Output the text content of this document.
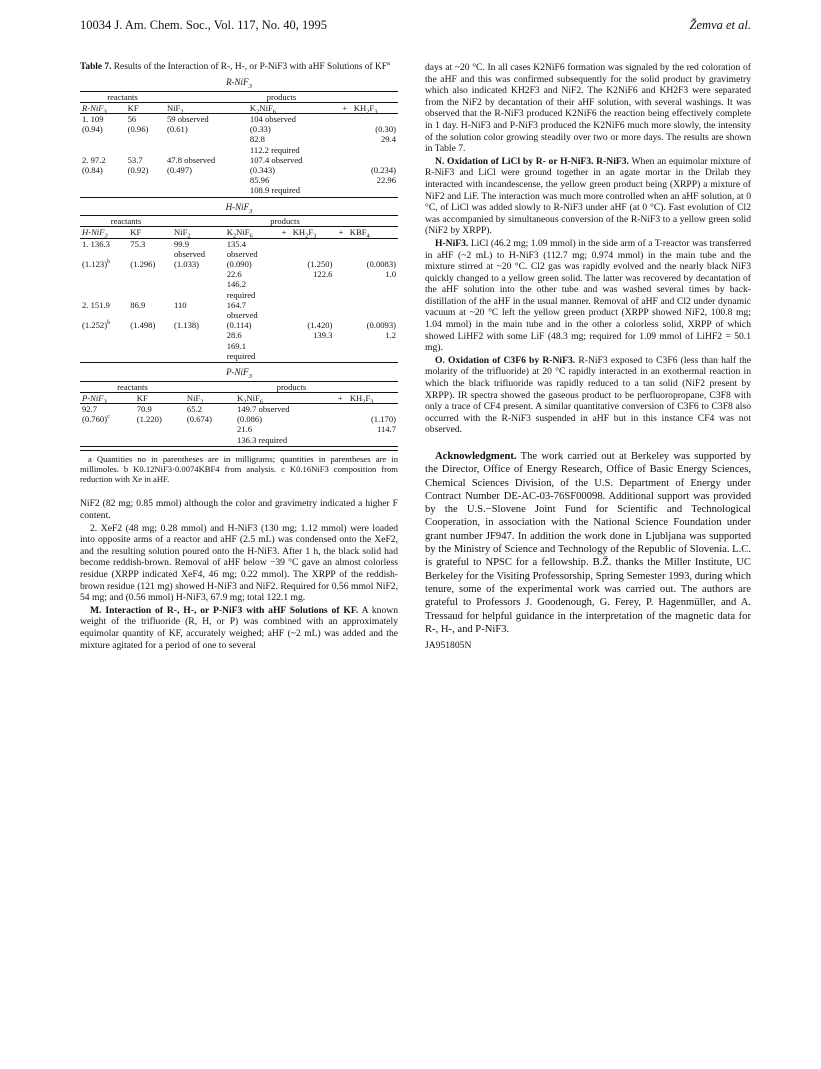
10034 J. Am. Chem. Soc., Vol. 117, No. 40, 1995	Žemva et al.
Table 7. Results of the Interaction of R-, H-, or P-NiF3 with aHF Solutions of $KF^a$
R-NiF$_3$
reactants		products			
R-NiF$_3$	KF	NiF$_2$	$K_2NiF_6$	+	$KH_2F_3$
1. 109	56	59 observed	104 observed		
(0.94)	(0.96)	(0.61)	(0.33)		(0.30)
			82.8		29.4
			112.2 required		
2. 97.2	53.7	47.8 observed	107.4 observed		
(0.84)	(0.92)	(0.497)	(0.343)		(0.234)
			85.96		22.96
			108.9 required		

H-NiF$_3$
reactants		products					
H-NiF$_3$	KF	NiF$_2$	$K_2NiF_6$	+	$KH_2F_3$	+	$KBF_4$
1. 136.3	75.3	99.9	135.4				
		observed	observed				
$(1.123)^b$	(1.296)	(1.033)	(0.090)		(1.250)		(0.0083)
			22.6		122.6		1.0
			146.2				
			required				
2. 151.9	86.9	110	164.7				
			observed				
$(1.252)^b$	(1.498)	(1.138)	(0.114)		(1.420)		(0.0093)
			28.6		139.3		1.2
			169.1				
			required				

P-NiF$_3$
reactants		products			
P-NiF$_3$	KF	NiF$_2$	$K_2NiF_6$	+	$KH_2F_3$
92.7	70.9	65.2	149.7 observed		
$(0.760)^c$	(1.220)	(0.674)	(0.086)		(1.170)
			21.6		114.7
			136.3 required		

a Quantities no in parentheses are in milligrams; quantities in parentheses are in millimoles. b K0.12NiF3·0.0074KBF4 from analysis. c K0.16NiF3 composition from reduction with Xe in aHF.

NiF2 (82 mg; 0.85 mmol) although the color and gravimetry indicated a higher F content.

2. XeF2 (48 mg; 0.28 mmol) and H-NiF3 (130 mg; 1.12 mmol) were loaded into opposite arms of a reactor and aHF (2.5 mL) was condensed onto the XeF2, and the resulting solution poured onto the H-NiF3. After 1 h, the black solid had become reddish-brown. Removal of aHF below −39 °C gave an almost colorless residue (XRPP indicated XeF4, 46 mg; 0.22 mmol). The XRPP of the reddish-brown residue (121 mg) showed H-NiF3 and NiF2. Required for 0.56 mmol NiF2, 54 mg; and (0.56 mmol) H-NiF3, 67.9 mg; total 122.1 mg.

M. Interaction of R-, H-, or P-NiF3 with aHF Solutions of KF. A known weight of the trifluoride (R, H, or P) was combined with an approximately equimolar quantity of KF, accurately weighed; aHF (~2 mL) was added and the mixture agitated for a period of one to several

days at ~20 °C. In all cases K2NiF6 formation was signaled by the red coloration of the aHF and this was confirmed subsequently for the solid product by gravimetry which also indicated KH2F3 and NiF2. The K2NiF6 and KH2F3 were separated from the NiF2 by decantation of their aHF solution, with several washings. It was observed that the R-NiF3 produced K2NiF6 the reaction being effectively complete in 1 day. H-NiF3 and P-NiF3 produced the K2NiF6 much more slowly, the intensity of the solution color growing steadily over two or more days. The results are shown in Table 7.

N. Oxidation of LiCl by R- or H-NiF3. R-NiF3. When an equimolar mixture of R-NiF3 and LiCl were ground together in an agate mortar in the Drilab they interacted with incandescense, the yellow green product being (XRPP) a mixture of NiF2 and LiF. The interaction was much more controlled when an aHF solution, at 0 °C, of LiCl was added slowly to R-NiF3 under aHF (at 0 °C). Fast evolution of Cl2 was accompanied by simultaneous conversion of the R-NiF3 to a yellow green solid (NiF2 by XRPP).

H-NiF3. LiCl (46.2 mg; 1.09 mmol) in the side arm of a T-reactor was transferred in aHF (~2 mL) to H-NiF3 (112.7 mg; 0.974 mmol) in the main tube and the mixture stirred at ~20 °C. Cl2 gas was rapidly evolved and the nearly black NiF3 quickly changed to a yellow green solid. The latter was recovered by decantation of the aHF solution into the other tube and was washed several times by back-distillation of the aHF in the usual manner. Removal of aHF and Cl2 under dynamic vacuum at ~20 °C left the yellow green product (XRPP showed NiF2, 100.8 mg; 1.04 mmol) in the main tube and in the other a colorless solid, XRPP of which showed LiHF2 with some LiF (48.3 mg; required for 1.09 mmol of LiHF2 = 50.1 mg).

O. Oxidation of C3F6 by R-NiF3. R-NiF3 exposed to C3F6 (less than half the molarity of the trifluoride) at 20 °C rapidly interacted in an exothermal reaction in which the black trifluoride was rapidly reduced to a tan solid (NiF2 present by XRPP). IR spectra showed the gaseous product to be perfluoropropane, C3F8 with only a trace of CF4 present. A similar quantitative conversion of C3F6 to C3F8 also occurred with the R-NiF3 suspended in aHF but in this instance CF4 was not observed.

Acknowledgment. The work carried out at Berkeley was supported by the Director, Office of Energy Research, Office of Basic Energy Sciences, Chemical Sciences Division, of the U.S. Department of Energy under Contract Number DE-AC-03-76SF00098. Additional support was provided by the U.S.−Slovene Joint Fund for Scientific and Technological Cooperation, in association with the National Science Foundation under grant number JF947. In addition the work done in Ljubljana was supported by the Ministry of Science and Technology of the Republic of Slovenia. L.C. is grateful to NPSC for a fellowship. B.Ž. thanks the Miller Institute, UC Berkeley for the Visiting Professorship, Spring Semester 1993, during which tenure, some of the experimental work was carried out. The authors are grateful to Professors J. Goodenough, G. Ferey, P. Hagenmüller, and A. Tressaud for helpful guidance in the interpretation of the magnetic data for R-, H-, and P-NiF3.
JA951805N
